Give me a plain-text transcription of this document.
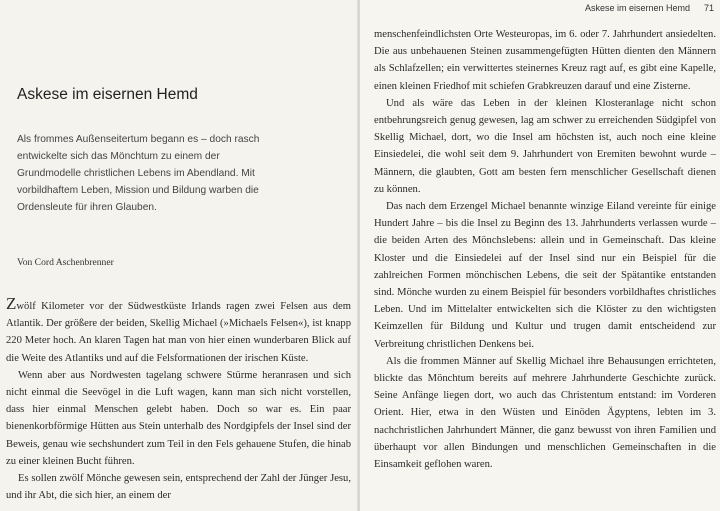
Askese im eisernen Hemd

Als frommes Außenseitertum begann es – doch rasch entwickelte sich das Mönchtum zu einem der Grundmodelle christlichen Lebens im Abendland. Mit vorbildhaftem Leben, Mission und Bildung warben die Ordensleute für ihren Glauben.

Von Cord Aschenbrenner

Zwölf Kilometer vor der Südwestküste Irlands ragen zwei Felsen aus dem Atlantik. Der größere der beiden, Skellig Michael (»Michaels Felsen«), ist knapp 220 Meter hoch. An klaren Tagen hat man von hier einen wunderbaren Blick auf die Weite des Atlantiks und auf die Felsformationen der irischen Küste.

Wenn aber aus Nordwesten tagelang schwere Stürme heranrasen und sich nicht einmal die Seevögel in die Luft wagen, kann man sich nicht vorstellen, dass hier einmal Menschen gelebt haben. Doch so war es. Ein paar bienenkorbförmige Hütten aus Stein unterhalb des Nordgipfels der Insel sind der Beweis, genau wie sechshundert zum Teil in den Fels gehauene Stufen, die hinab zu einer kleinen Bucht führen.

Es sollen zwölf Mönche gewesen sein, entsprechend der Zahl der Jünger Jesu, und ihr Abt, die sich hier, an einem der

Askese im eisernen Hemd 71

menschenfeindlichsten Orte Westeuropas, im 6. oder 7. Jahrhundert ansiedelten. Die aus unbehauenen Steinen zusammengefügten Hütten dienten den Männern als Schlafzellen; ein verwittertes steinernes Kreuz ragt auf, es gibt eine Kapelle, einen kleinen Friedhof mit schiefen Grabkreuzen darauf und eine Zisterne.

Und als wäre das Leben in der kleinen Klosteranlage nicht schon entbehrungsreich genug gewesen, lag am schwer zu erreichenden Südgipfel von Skellig Michael, dort, wo die Insel am höchsten ist, auch noch eine kleine Einsiedelei, die wohl seit dem 9. Jahrhundert von Eremiten bewohnt wurde – Männern, die glaubten, Gott am besten fern menschlicher Gesellschaft dienen zu können.

Das nach dem Erzengel Michael benannte winzige Eiland vereinte für einige Hundert Jahre – bis die Insel zu Beginn des 13. Jahrhunderts verlassen wurde – die beiden Arten des Mönchslebens: allein und in Gemeinschaft. Das kleine Kloster und die Einsiedelei auf der Insel sind nur ein Beispiel für die zahlreichen Formen mönchischen Lebens, die seit der Spätantike entstanden sind. Mönche wurden zu einem Beispiel für besonders vorbildhaftes christliches Leben. Und im Mittelalter entwickelten sich die Klöster zu den wichtigsten Keimzellen für Bildung und Kultur und trugen damit entscheidend zur Verbreitung christlichen Denkens bei.

Als die frommen Männer auf Skellig Michael ihre Behausungen errichteten, blickte das Mönchtum bereits auf mehrere Jahrhunderte Geschichte zurück. Seine Anfänge liegen dort, wo auch das Christentum entstand: im Vorderen Orient. Hier, etwa in den Wüsten und Einöden Ägyptens, lebten im 3. nachchristlichen Jahrhundert Männer, die ganz bewusst von ihren Familien und überhaupt vor allen Bindungen und menschlichen Gemeinschaften in die Einsamkeit geflohen waren.
